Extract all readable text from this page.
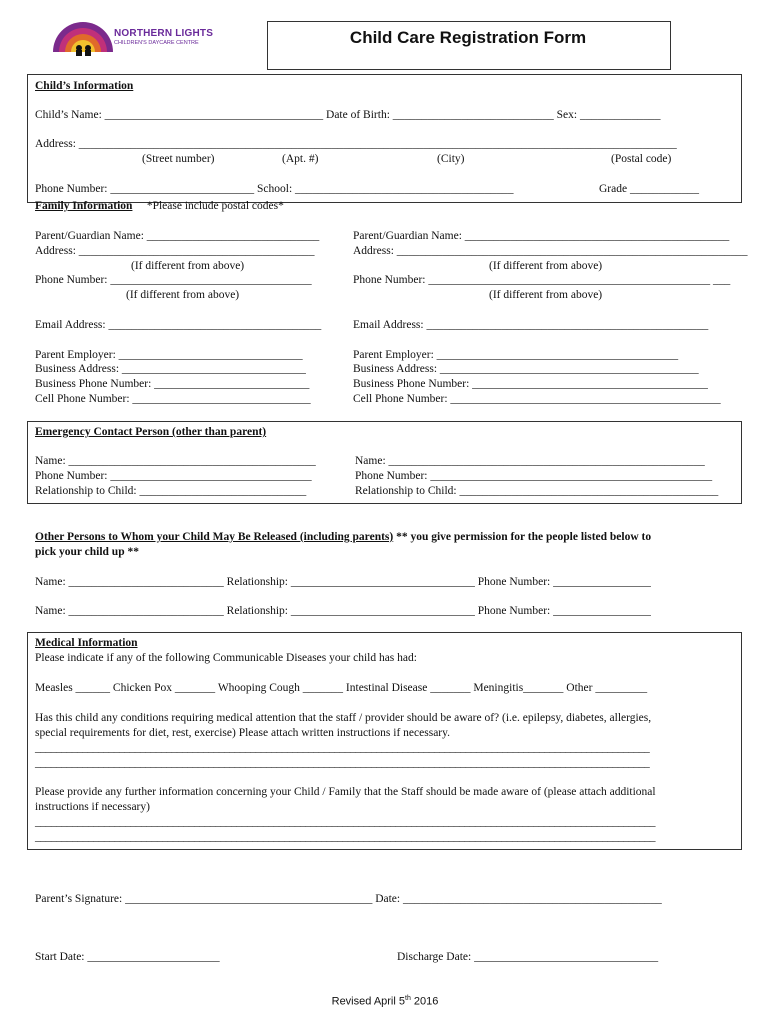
NORTHERN LIGHTS
CHILDREN'S DAYCARE CENTRE	Child Care Registration Form
Child’s Information
Child’s Name: ______________________________________ Date of Birth: ____________________________ Sex: ______________
Address: ________________________________________________________________________________________________________
(Street number)	(Apt. #)	(City)	(Postal code)
Phone Number: _________________________ School: ______________________________________	Grade ____________
Family Information     *Please include postal codes*
Parent/Guardian Name: ______________________________	Parent/Guardian Name: ______________________________________________
Address: _________________________________________	Address: _____________________________________________________________
(If different from above)	(If different from above)
Phone Number: ___________________________________	Phone Number: _________________________________________________ ___
(If different from above)	(If different from above)
Email Address: _____________________________________	Email Address: _________________________________________________
Parent Employer: ________________________________	Parent Employer: __________________________________________
Business Address: ________________________________	Business Address: _____________________________________________
Business Phone Number: ___________________________	Business Phone Number: _________________________________________
Cell Phone Number: _______________________________	Cell Phone Number: _______________________________________________
Emergency Contact Person (other than parent)
Name: ___________________________________________	Name: _______________________________________________________
Phone Number: ___________________________________	Phone Number: _________________________________________________
Relationship to Child: _____________________________	Relationship to Child: _____________________________________________
Other Persons to Whom your Child May Be Released (including parents) ** you give permission for the people listed below to
pick your child up **
Name: ___________________________ Relationship: ________________________________ Phone Number: _________________
Name: ___________________________ Relationship: ________________________________ Phone Number: _________________
Medical Information
Please indicate if any of the following Communicable Diseases your child has had:
Measles ______ Chicken Pox _______ Whooping Cough _______ Intestinal Disease _______ Meningitis_______ Other _________
Has this child any conditions requiring medical attention that the staff / provider should be aware of? (i.e. epilepsy, diabetes, allergies,
special requirements for diet, rest, exercise) Please attach written instructions if necessary.
_____________________________________________________________________________________________________________________
_____________________________________________________________________________________________________________________
Please provide any further information concerning your Child / Family that the Staff should be made aware of (please attach additional
instructions if necessary)
_____________________________________________________________________________________________________________________
_____________________________________________________________________________________________________________________
Parent’s Signature: ___________________________________________ Date: _____________________________________________
Start Date: _______________________	Discharge Date: ________________________________
Revised April 5th 2016
